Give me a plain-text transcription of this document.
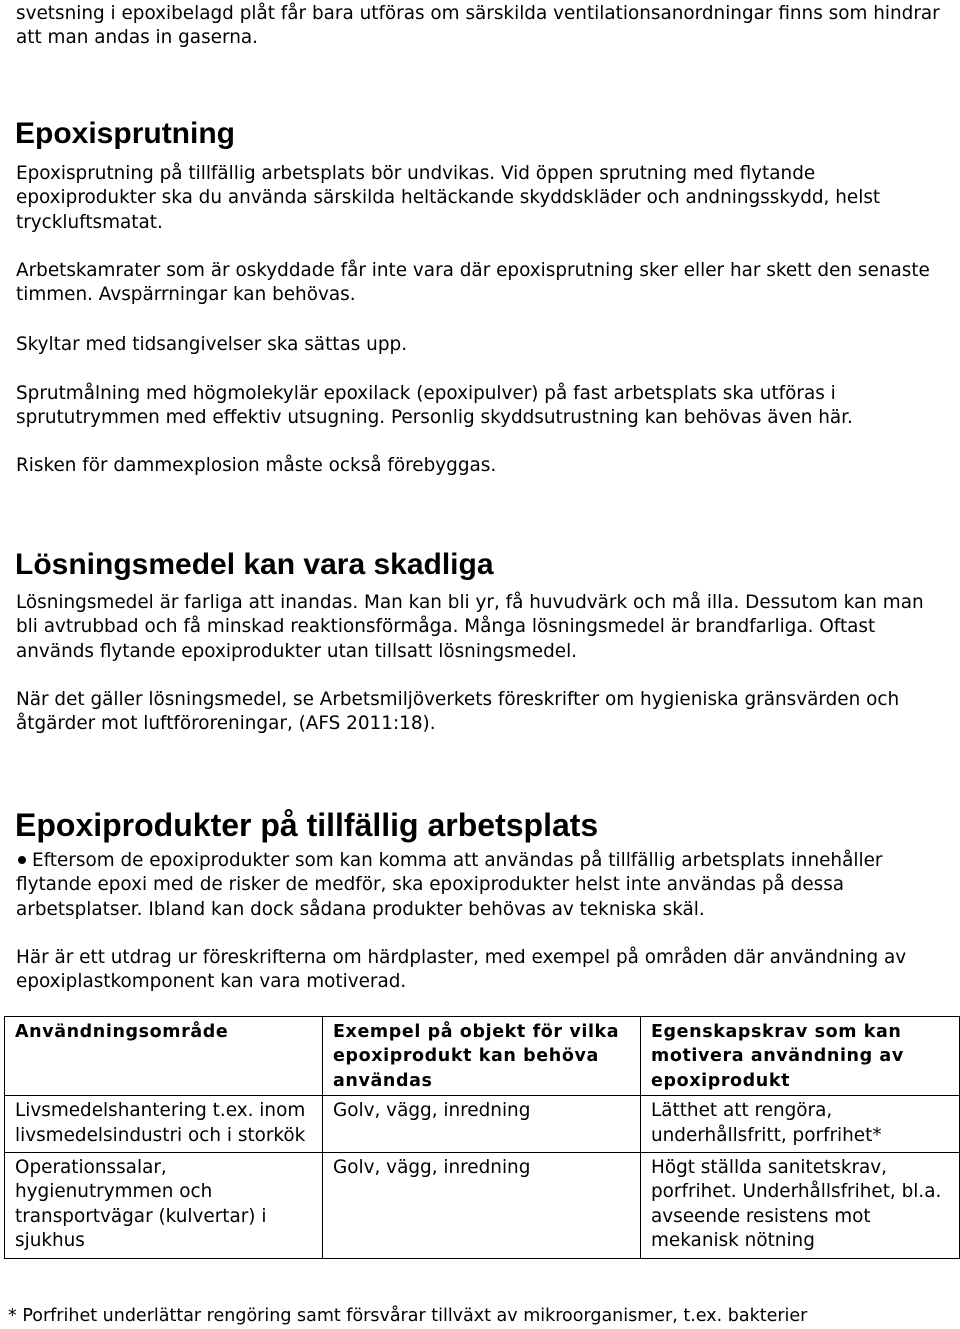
svetsning i epoxibelagd plåt får bara utföras om särskilda ventilationsanordningar finns som hindrar att man andas in gaserna.

Epoxisprutning

Epoxisprutning på tillfällig arbetsplats bör undvikas. Vid öppen sprutning med flytande epoxiprodukter ska du använda särskilda heltäckande skyddskläder och andningsskydd, helst tryckluftsmatat.

Arbetskamrater som är oskyddade får inte vara där epoxisprutning sker eller har skett den senaste timmen. Avspärrningar kan behövas.

Skyltar med tidsangivelser ska sättas upp.

Sprutmålning med högmolekylär epoxilack (epoxipulver) på fast arbetsplats ska utföras i sprututrymmen med effektiv utsugning. Personlig skyddsutrustning kan behövas även här.

Risken för dammexplosion måste också förebyggas.

Lösningsmedel kan vara skadliga

Lösningsmedel är farliga att inandas. Man kan bli yr, få huvudvärk och må illa. Dessutom kan man bli avtrubbad och få minskad reaktionsförmåga. Många lösningsmedel är brandfarliga. Oftast används flytande epoxiprodukter utan tillsatt lösningsmedel.

När det gäller lösningsmedel, se Arbetsmiljöverkets föreskrifter om hygieniska gränsvärden och åtgärder mot luftföroreningar, (AFS 2011:18).

Epoxiprodukter på tillfällig arbetsplats

Eftersom de epoxiprodukter som kan komma att användas på tillfällig arbetsplats innehåller flytande epoxi med de risker de medför, ska epoxiprodukter helst inte användas på dessa arbetsplatser. Ibland kan dock sådana produkter behövas av tekniska skäl.

Här är ett utdrag ur föreskrifterna om härdplaster, med exempel på områden där användning av epoxiplastkomponent kan vara motiverad.

Användningsområde	Exempel på objekt för vilka epoxiprodukt kan behöva användas	Egenskapskrav som kan motivera användning av epoxiprodukt

Livsmedelshantering t.ex. inom livsmedelsindustri och i storkök	Golv, vägg, inredning	Lätthet att rengöra, underhållsfritt, porfrihet*

Operationssalar, hygienutrymmen och transportvägar (kulvertar) i sjukhus	Golv, vägg, inredning	Högt ställda sanitetskrav, porfrihet. Underhållsfrihet, bl.a. avseende resistens mot mekanisk nötning

* Porfrihet underlättar rengöring samt försvårar tillväxt av mikroorganismer, t.ex. bakterier
